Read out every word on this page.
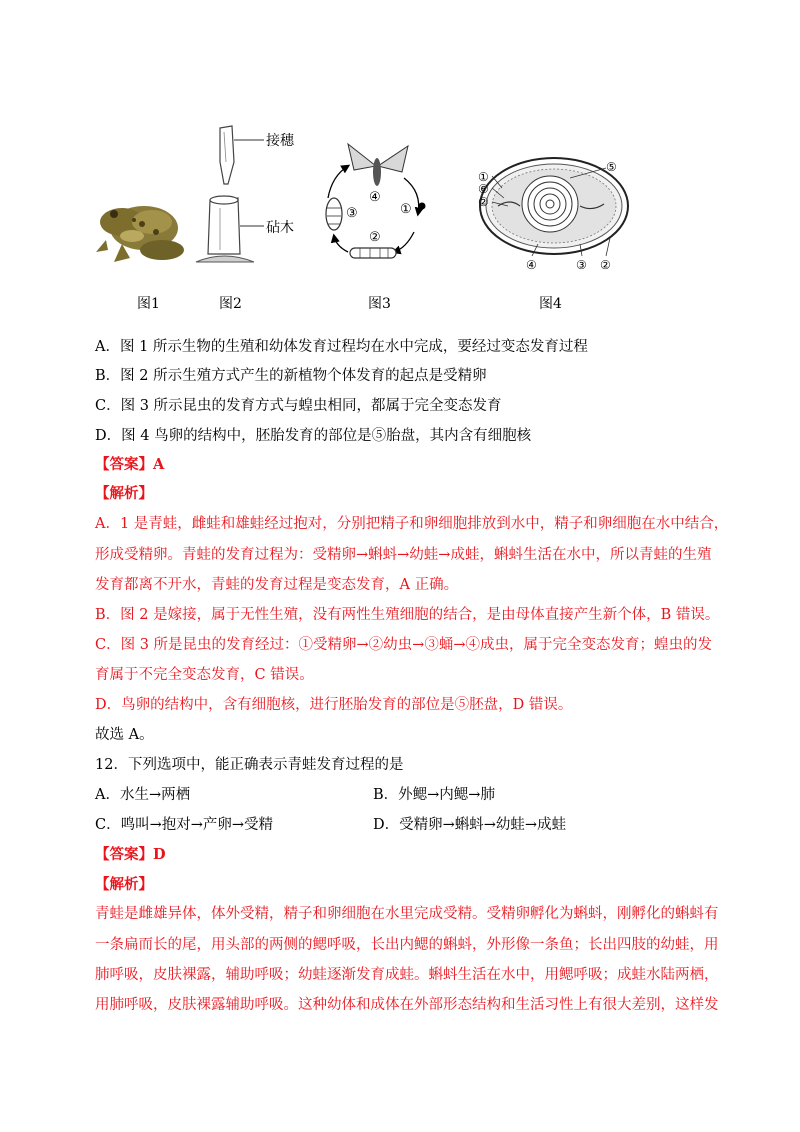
图1
接穗
砧木
图2
①
②
③
④
图3
①
⑥
②
⑤
④	③ ②
图4
A．图 1 所示生物的生殖和幼体发育过程均在水中完成，要经过变态发育过程
B．图 2 所示生殖方式产生的新植物个体发育的起点是受精卵
C．图 3 所示昆虫的发育方式与蝗虫相同，都属于完全变态发育
D．图 4 鸟卵的结构中，胚胎发育的部位是⑤胎盘，其内含有细胞核
【答案】A
【解析】
A．1 是青蛙，雌蛙和雄蛙经过抱对，分别把精子和卵细胞排放到水中，精子和卵细胞在水中结合，
形成受精卵。青蛙的发育过程为：受精卵→蝌蚪→幼蛙→成蛙，蝌蚪生活在水中，所以青蛙的生殖
发育都离不开水，青蛙的发育过程是变态发育，A 正确。
B．图 2 是嫁接，属于无性生殖，没有两性生殖细胞的结合，是由母体直接产生新个体，B 错误。
C．图 3 所是昆虫的发育经过：①受精卵→②幼虫→③蛹→④成虫，属于完全变态发育；蝗虫的发
育属于不完全变态发育，C 错误。
D．鸟卵的结构中，含有细胞核，进行胚胎发育的部位是⑤胚盘，D 错误。
故选 A。
12．下列选项中，能正确表示青蛙发育过程的是
A．水生→两栖	B．外鳃→内鳃→肺
C．鸣叫→抱对→产卵→受精	D．受精卵→蝌蚪→幼蛙→成蛙
【答案】D
【解析】
青蛙是雌雄异体，体外受精，精子和卵细胞在水里完成受精。受精卵孵化为蝌蚪，刚孵化的蝌蚪有
一条扁而长的尾，用头部的两侧的鳃呼吸，长出内鳃的蝌蚪，外形像一条鱼；长出四肢的幼蛙，用
肺呼吸，皮肤裸露，辅助呼吸；幼蛙逐渐发育成蛙。蝌蚪生活在水中，用鳃呼吸；成蛙水陆两栖，
用肺呼吸，皮肤裸露辅助呼吸。这种幼体和成体在外部形态结构和生活习性上有很大差别，这样发
